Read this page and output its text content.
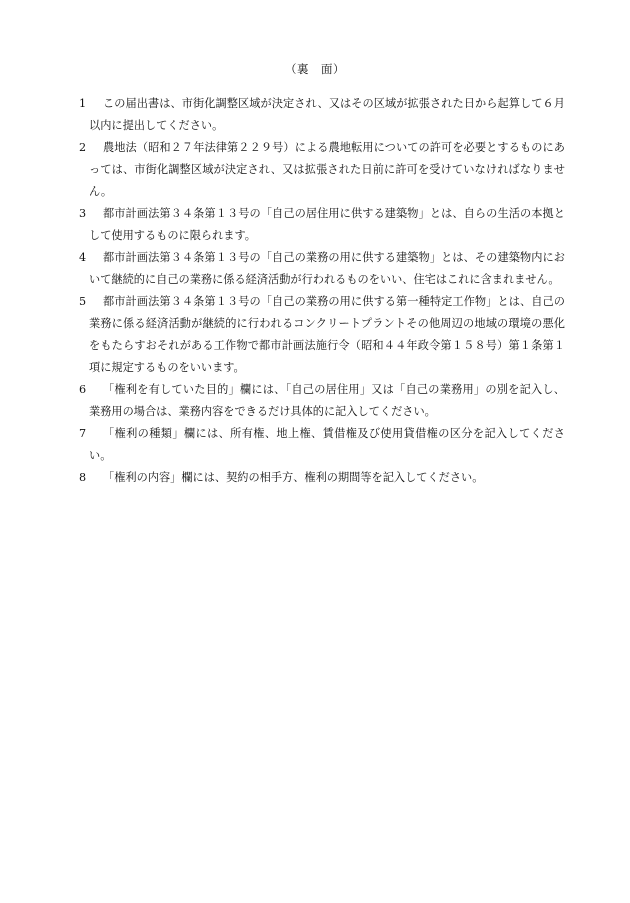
（裏　面）
1	この届出書は、市街化調整区域が決定され、又はその区域が拡張された日から起算して６月以内に提出してください。
2	農地法（昭和２７年法律第２２９号）による農地転用についての許可を必要とするものにあっては、市街化調整区域が決定され、又は拡張された日前に許可を受けていなければなりません。
3	都市計画法第３４条第１３号の「自己の居住用に供する建築物」とは、自らの生活の本拠として使用するものに限られます。
4	都市計画法第３４条第１３号の「自己の業務の用に供する建築物」とは、その建築物内において継続的に自己の業務に係る経済活動が行われるものをいい、住宅はこれに含まれません。
5	都市計画法第３４条第１３号の「自己の業務の用に供する第一種特定工作物」とは、自己の業務に係る経済活動が継続的に行われるコンクリートプラントその他周辺の地域の環境の悪化をもたらすおそれがある工作物で都市計画法施行令（昭和４４年政令第１５８号）第１条第１項に規定するものをいいます。
6	「権利を有していた目的」欄には、「自己の居住用」又は「自己の業務用」の別を記入し、業務用の場合は、業務内容をできるだけ具体的に記入してください。
7	「権利の種類」欄には、所有権、地上権、賃借権及び使用貸借権の区分を記入してください。
8	「権利の内容」欄には、契約の相手方、権利の期間等を記入してください。
